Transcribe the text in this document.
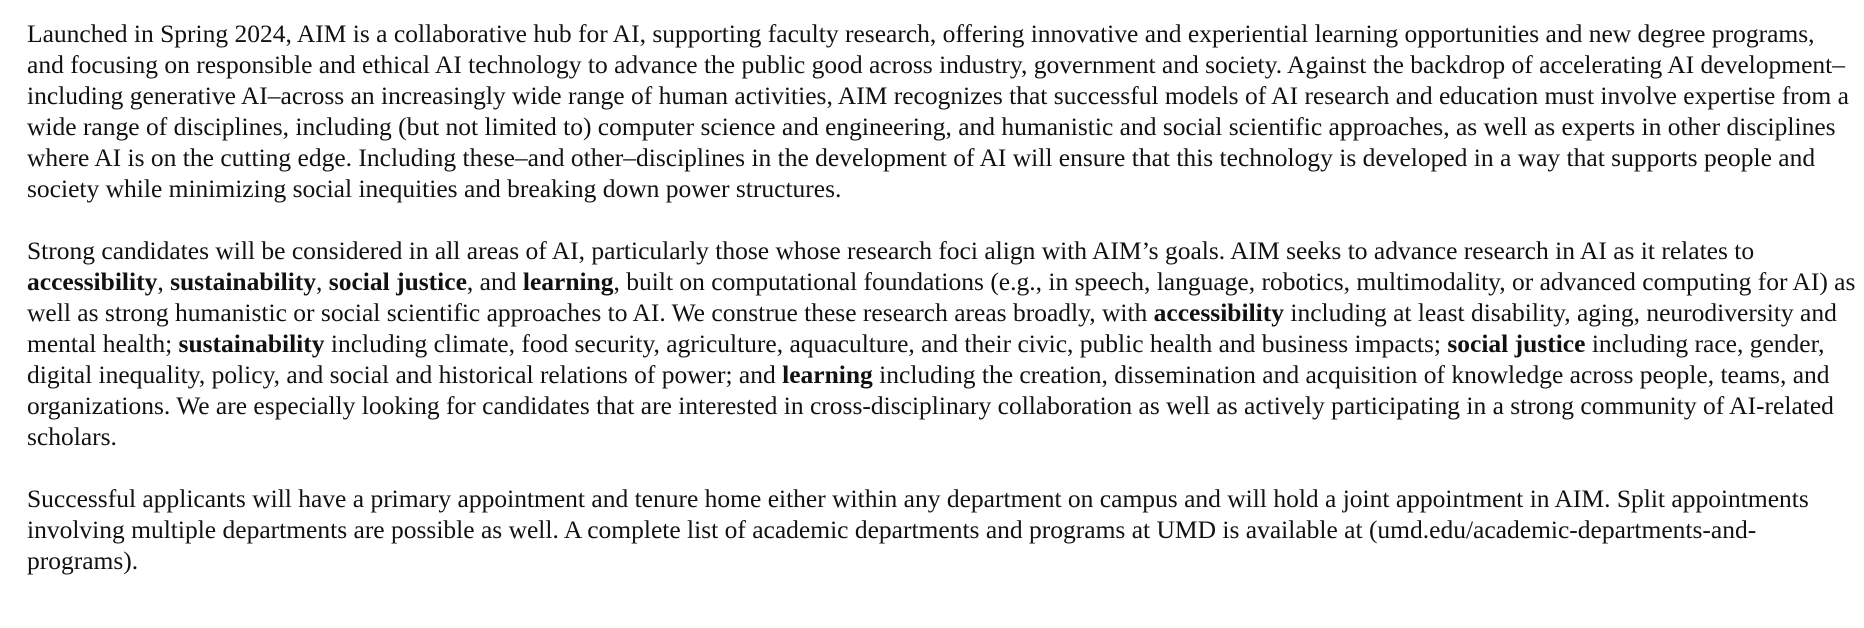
Launched in Spring 2024, AIM is a collaborative hub for AI, supporting faculty research, offering innovative and experiential learning opportunities and new degree programs, and focusing on responsible and ethical AI technology to advance the public good across industry, government and society. Against the backdrop of accelerating AI development–including generative AI–across an increasingly wide range of human activities, AIM recognizes that successful models of AI research and education must involve expertise from a wide range of disciplines, including (but not limited to) computer science and engineering, and humanistic and social scientific approaches, as well as experts in other disciplines where AI is on the cutting edge. Including these–and other–disciplines in the development of AI will ensure that this technology is developed in a way that supports people and society while minimizing social inequities and breaking down power structures.

Strong candidates will be considered in all areas of AI, particularly those whose research foci align with AIM’s goals. AIM seeks to advance research in AI as it relates to accessibility, sustainability, social justice, and learning, built on computational foundations (e.g., in speech, language, robotics, multimodality, or advanced computing for AI) as well as strong humanistic or social scientific approaches to AI. We construe these research areas broadly, with accessibility including at least disability, aging, neurodiversity and mental health; sustainability including climate, food security, agriculture, aquaculture, and their civic, public health and business impacts; social justice including race, gender, digital inequality, policy, and social and historical relations of power; and learning including the creation, dissemination and acquisition of knowledge across people, teams, and organizations. We are especially looking for candidates that are interested in cross-disciplinary collaboration as well as actively participating in a strong community of AI-related scholars.

Successful applicants will have a primary appointment and tenure home either within any department on campus and will hold a joint appointment in AIM. Split appointments involving multiple departments are possible as well. A complete list of academic departments and programs at UMD is available at (umd.edu/academic-departments-and-programs).
